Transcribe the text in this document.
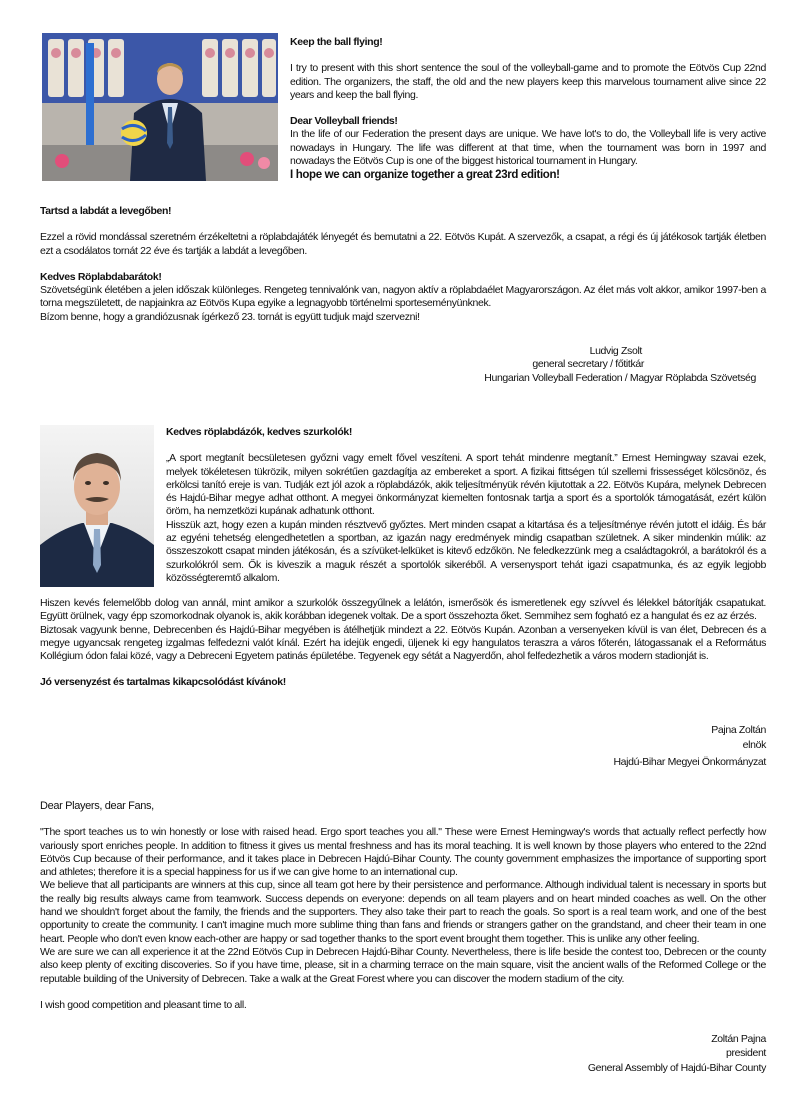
Keep the ball flying!

I try to present with this short sentence the soul of the volleyball-game and to promote the Eötvös Cup 22nd edition. The organizers, the staff, the old and the new players keep this marvelous tournament alive since 22 years and keep the ball flying.

Dear Volleyball friends!

In the life of our Federation the present days are unique. We have lot's to do, the Volleyball life is very active nowadays in Hungary. The life was different at that time, when the tournament was born in 1997 and nowadays the Eötvös Cup is one of the biggest historical tournament in Hungary.

I hope we can organize together a great 23rd edition!

Tartsd a labdát a levegőben!

Ezzel a rövid mondással szeretném érzékeltetni a röplabdajáték lényegét és bemutatni a 22. Eötvös Kupát. A szervezők, a csapat, a régi és új játékosok tartják életben ezt a csodálatos tornát 22 éve és tartják a labdát a levegőben.

Kedves Röplabdabarátok!

Szövetségünk életében a jelen időszak különleges. Rengeteg tennivalónk van, nagyon aktív a röplabdaélet Magyarországon. Az élet más volt akkor, amikor 1997-ben a torna megszületett, de napjainkra az Eötvös Kupa egyike a legnagyobb történelmi sporteseményünknek.

Bízom benne, hogy a grandiózusnak ígérkező 23. tornát is együtt tudjuk majd szervezni!

Ludvig Zsolt
general secretary / főtitkár
Hungarian Volleyball Federation / Magyar Röplabda Szövetség

Kedves röplabdázók, kedves szurkolók!

„A sport megtanít becsületesen győzni vagy emelt fővel veszíteni. A sport tehát mindenre megtanít.” Ernest Hemingway szavai ezek, melyek tökéletesen tükrözik, milyen sokrétűen gazdagítja az embereket a sport. A fizikai fittségen túl szellemi frissességet kölcsönöz, és erkölcsi tanító ereje is van. Tudják ezt jól azok a röplabdázók, akik teljesítményük révén kijutottak a 22. Eötvös Kupára, melynek Debrecen és Hajdú-Bihar megye adhat otthont. A megyei önkormányzat kiemelten fontosnak tartja a sport és a sportolók támogatását, ezért külön öröm, ha nemzetközi kupának adhatunk otthont.

Hisszük azt, hogy ezen a kupán minden résztvevő győztes. Mert minden csapat a kitartása és a teljesítménye révén jutott el idáig. És bár az egyéni tehetség elengedhetetlen a sportban, az igazán nagy eredmények mindig csapatban születnek. A siker mindenkin múlik: az összeszokott csapat minden játékosán, és a szívüket-lelküket is kitevő edzőkön. Ne feledkezzünk meg a családtagokról, a barátokról és a szurkolókról sem. Ők is kiveszik a maguk részét a sportolók sikeréből. A versenysport tehát igazi csapatmunka, és az egyik legjobb közösségteremtő alkalom.

Hiszen kevés felemelőbb dolog van annál, mint amikor a szurkolók összegyűlnek a lelátón, ismerősök és ismeretlenek egy szívvel és lélekkel bátorítják csapatukat. Együtt örülnek, vagy épp szomorkodnak olyanok is, akik korábban idegenek voltak. De a sport összehozta őket. Semmihez sem fogható ez a hangulat és ez az érzés.

Biztosak vagyunk benne, Debrecenben és Hajdú-Bihar megyében is átélhetjük mindezt a 22. Eötvös Kupán. Azonban a versenyeken kívül is van élet, Debrecen és a megye ugyancsak rengeteg izgalmas felfedezni valót kínál. Ezért ha idejük engedi, üljenek ki egy hangulatos teraszra a város főterén, látogassanak el a Református Kollégium ódon falai közé, vagy a Debreceni Egyetem patinás épületébe. Tegyenek egy sétát a Nagyerdőn, ahol felfedezhetik a város modern stadionját is.

Jó versenyzést és tartalmas kikapcsolódást kívánok!

Pajna Zoltán
elnök
Hajdú-Bihar Megyei Önkormányzat

Dear Players, dear Fans,

"The sport teaches us to win honestly or lose with raised head. Ergo sport teaches you all." These were Ernest Hemingway's words that actually reflect perfectly how variously sport enriches people. In addition to fitness it gives us mental freshness and has its moral teaching. It is well known by those players who entered to the 22nd Eötvös Cup because of their performance, and it takes place in Debrecen Hajdú-Bihar County. The county government emphasizes the importance of supporting sport and athletes; therefore it is a special happiness for us if we can give home to an international cup.

We believe that all participants are winners at this cup, since all team got here by their persistence and performance. Although individual talent is necessary in sports but the really big results always came from teamwork. Success depends on everyone: depends on all team players and on heart minded coaches as well. On the other hand we shouldn't forget about the family, the friends and the supporters. They also take their part to reach the goals. So sport is a real team work, and one of the best opportunity to create the community. I can't imagine much more sublime thing than fans and friends or strangers gather on the grandstand, and cheer their team in one heart. People who don't even know each-other are happy or sad together thanks to the sport event brought them together. This is unlike any other feeling.

We are sure we can all experience it at the 22nd Eötvös Cup in Debrecen Hajdú-Bihar County. Nevertheless, there is life beside the contest too, Debrecen or the county also keep plenty of exciting discoveries. So if you have time, please, sit in a charming terrace on the main square, visit the ancient walls of the Reformed College or the reputable building of the University of Debrecen. Take a walk at the Great Forest where you can discover the modern stadium of the city.

I wish good competition and pleasant time to all.

Zoltán Pajna
president
General Assembly of Hajdú-Bihar County
